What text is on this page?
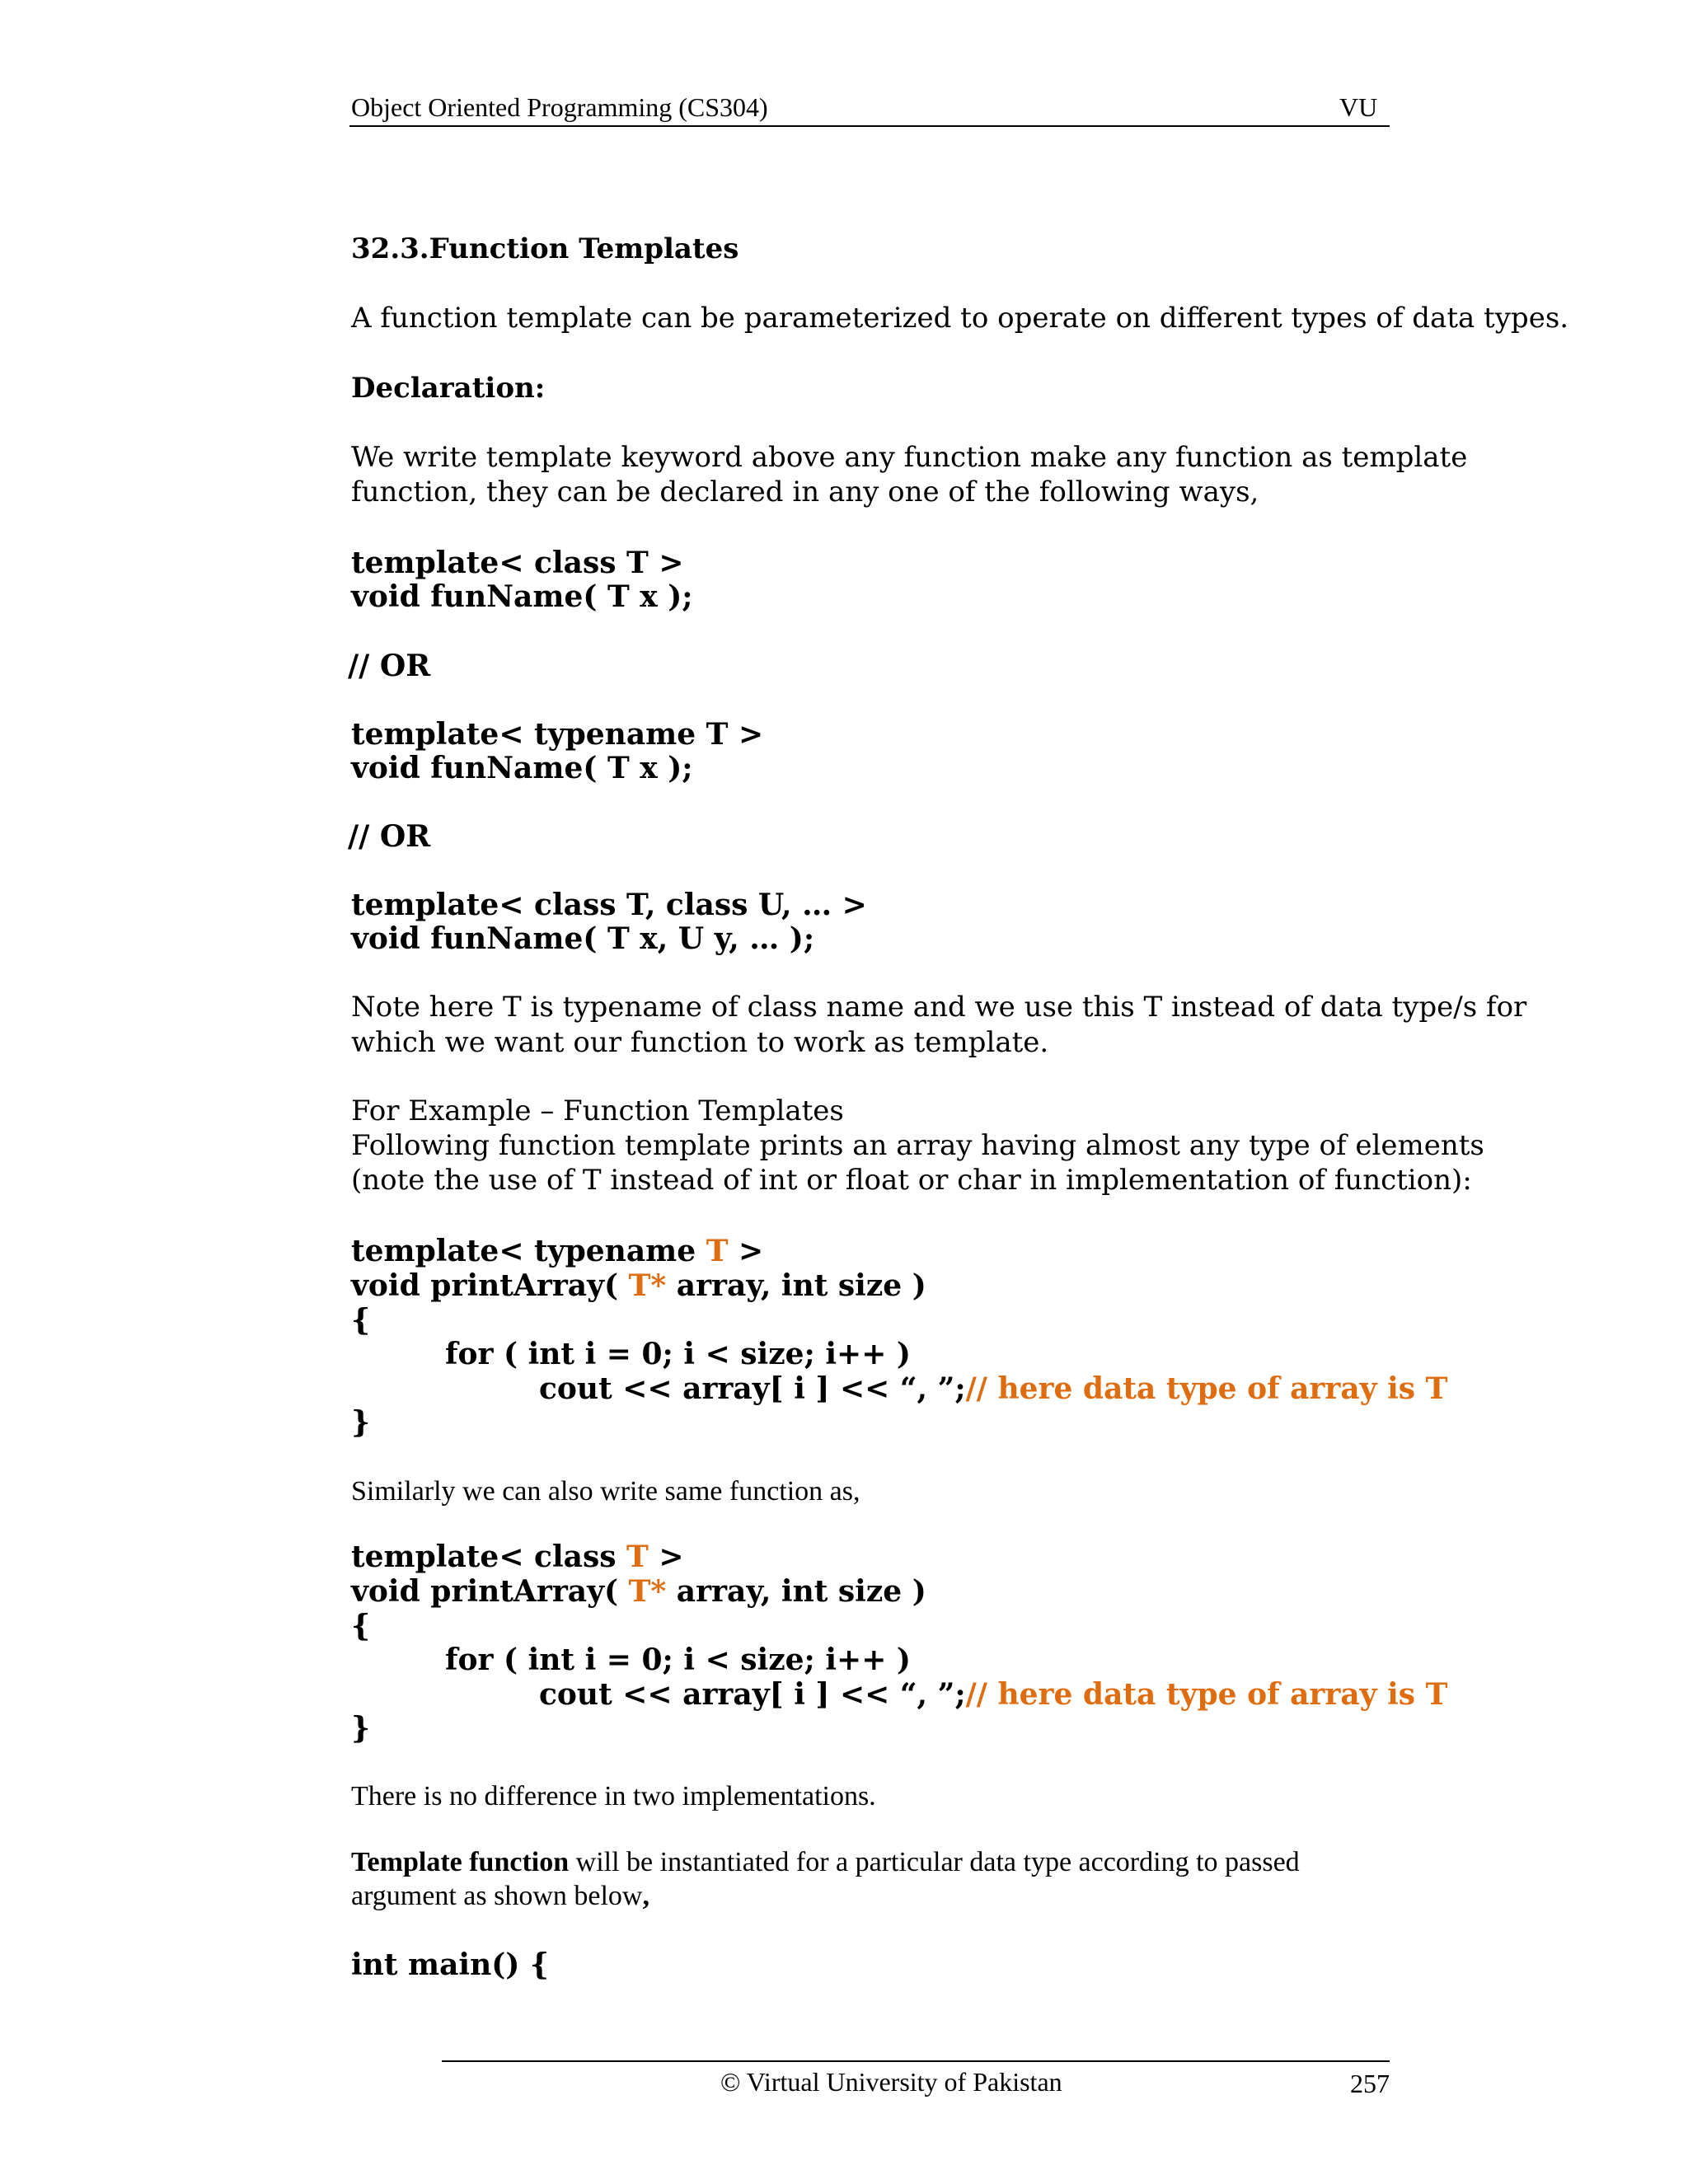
Object Oriented Programming (CS304)	VU
32.3.Function Templates
A function template can be parameterized to operate on different types of data types.
Declaration:
We write template keyword above any function make any function as template
function, they can be declared in any one of the following ways,
template< class T >
void funName( T x );
// OR
template< typename T >
void funName( T x );
// OR
template< class T, class U, … >
void funName( T x, U y, … );
Note here T is typename of class name and we use this T instead of data type/s for
which we want our function to work as template.
For Example – Function Templates
Following function template prints an array having almost any type of elements
(note the use of T instead of int or float or char in implementation of function):
template< typename T >
void printArray( T* array, int size )
{
for ( int i = 0; i < size; i++ )
cout << array[ i ] << “, ”;// here data type of array is T
}
Similarly we can also write same function as,
template< class T >
void printArray( T* array, int size )
{
for ( int i = 0; i < size; i++ )
cout << array[ i ] << “, ”;// here data type of array is T
}
There is no difference in two implementations.
Template function will be instantiated for a particular data type according to passed
argument as shown below,
int main() {
© Virtual University of Pakistan	257
